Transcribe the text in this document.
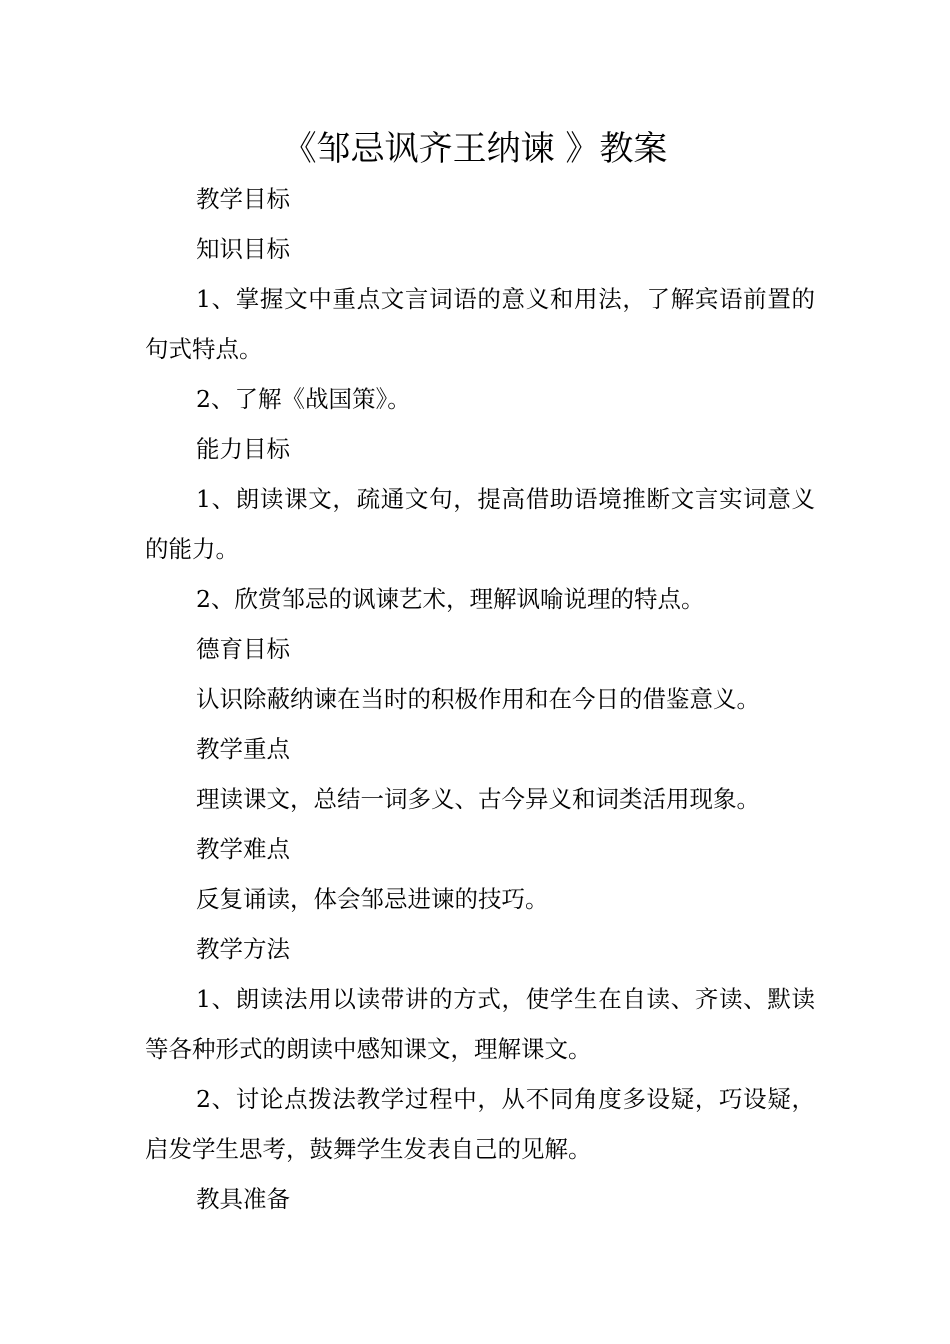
《邹忌讽齐王纳谏 》教案

教学目标

知识目标

1、掌握文中重点文言词语的意义和用法，了解宾语前置的句式特点。

2、了解《战国策》。

能力目标

1、朗读课文，疏通文句，提高借助语境推断文言实词意义的能力。

2、欣赏邹忌的讽谏艺术，理解讽喻说理的特点。

德育目标

认识除蔽纳谏在当时的积极作用和在今日的借鉴意义。

教学重点

理读课文，总结一词多义、古今异义和词类活用现象。

教学难点

反复诵读，体会邹忌进谏的技巧。

教学方法

1、朗读法用以读带讲的方式，使学生在自读、齐读、默读等各种形式的朗读中感知课文，理解课文。

2、讨论点拨法教学过程中，从不同角度多设疑，巧设疑，启发学生思考，鼓舞学生发表自己的见解。

教具准备
